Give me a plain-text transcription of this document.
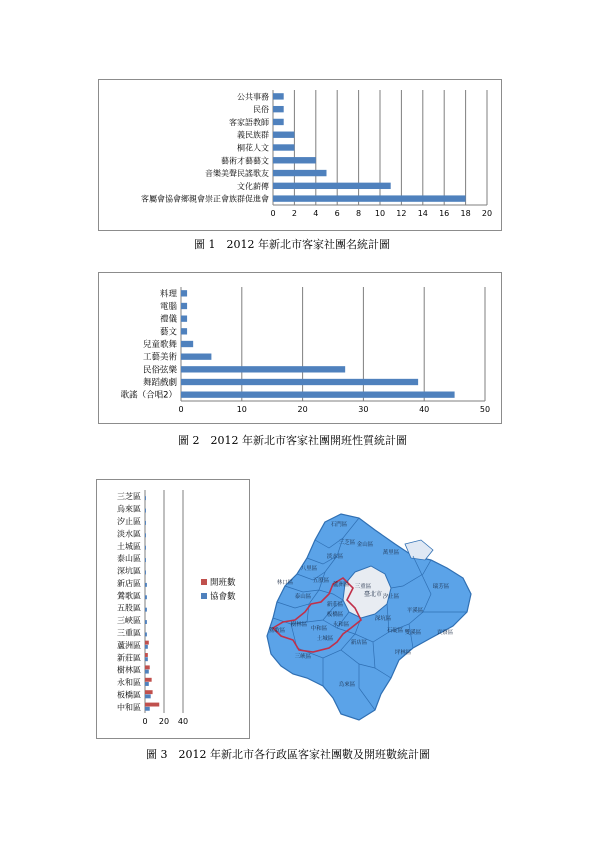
0 2 4 6 8 10 12 14 16 18 20
公共事務
民俗
客家語教師
義民族群
桐花人文
藝術才藝藝文
音樂美聲民謠歌友
文化薪傳
客屬會協會鄉親會崇正會族群促進會
圖 1　2012 年新北市客家社團名統計圖
0	10	20	30	40	50
料理
電腦
禮儀
藝文
兒童歌舞
工藝美術
民俗弦樂
舞蹈戲劇
歌謠（合唱2）
圖 2　2012 年新北市客家社團開班性質統計圖
0 20 40
三芝區
烏來區
汐止區
淡水區
土城區
泰山區
深坑區
新店區
鶯歌區
五股區
三峽區
三重區
蘆洲區
新莊區
樹林區
永和區
板橋區
中和區
開班數
協會數
石門區
三芝區 金山區
淡水區
萬里區
八里區
林口區	五股區
蘆洲區 三重區
泰山區
新莊區
汐止區
瑞芳區
平溪區
雙溪區	貢寮區
鶯歌區
樹林區
板橋區
中和區
永和區
土城區
深坑區
石碇區
坪林區
新店區
三峽區
烏來區
臺北市
圖 3　2012 年新北市各行政區客家社團數及開班數統計圖
